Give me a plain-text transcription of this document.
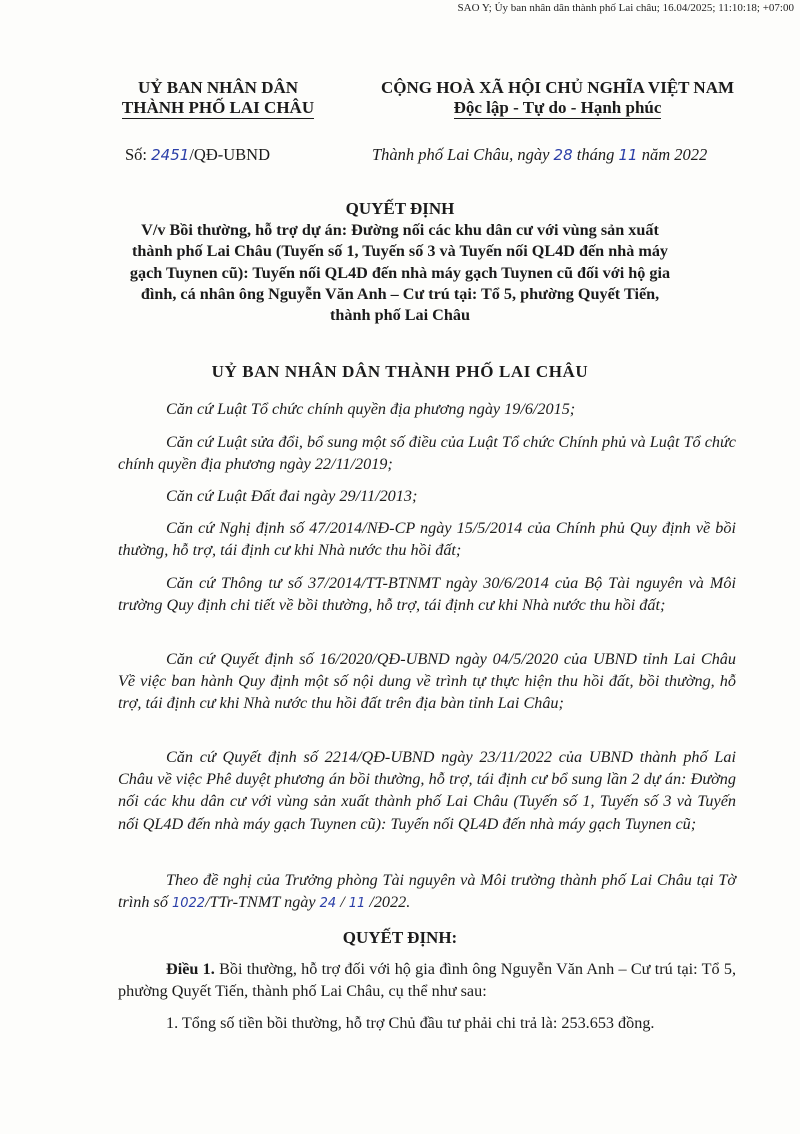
SAO Y; Ủy ban nhân dân thành phố Lai châu; 16.04/2025; 11:10:18; +07:00
UỶ BAN NHÂN DÂN
THÀNH PHỐ LAI CHÂU
CỘNG HOÀ XÃ HỘI CHỦ NGHĨA VIỆT NAM
Độc lập - Tự do - Hạnh phúc
Số: 2451/QĐ-UBND	Thành phố Lai Châu, ngày 28 tháng 11 năm 2022
QUYẾT ĐỊNH
V/v Bồi thường, hỗ trợ dự án: Đường nối các khu dân cư với vùng sản xuất thành phố Lai Châu (Tuyến số 1, Tuyến số 3 và Tuyến nối QL4D đến nhà máy gạch Tuynen cũ): Tuyến nối QL4D đến nhà máy gạch Tuynen cũ đối với hộ gia đình, cá nhân ông Nguyễn Văn Anh – Cư trú tại: Tổ 5, phường Quyết Tiến, thành phố Lai Châu
UỶ BAN NHÂN DÂN THÀNH PHỐ LAI CHÂU
Căn cứ Luật Tổ chức chính quyền địa phương ngày 19/6/2015;
Căn cứ Luật sửa đổi, bổ sung một số điều của Luật Tổ chức Chính phủ và Luật Tổ chức chính quyền địa phương ngày 22/11/2019;
Căn cứ Luật Đất đai ngày 29/11/2013;
Căn cứ Nghị định số 47/2014/NĐ-CP ngày 15/5/2014 của Chính phủ Quy định về bồi thường, hỗ trợ, tái định cư khi Nhà nước thu hồi đất;
Căn cứ Thông tư số 37/2014/TT-BTNMT ngày 30/6/2014 của Bộ Tài nguyên và Môi trường Quy định chi tiết về bồi thường, hỗ trợ, tái định cư khi Nhà nước thu hồi đất;
Căn cứ Quyết định số 16/2020/QĐ-UBND ngày 04/5/2020 của UBND tỉnh Lai Châu Về việc ban hành Quy định một số nội dung về trình tự thực hiện thu hồi đất, bồi thường, hỗ trợ, tái định cư khi Nhà nước thu hồi đất trên địa bàn tỉnh Lai Châu;
Căn cứ Quyết định số 2214/QĐ-UBND ngày 23/11/2022 của UBND thành phố Lai Châu về việc Phê duyệt phương án bồi thường, hỗ trợ, tái định cư bổ sung lần 2 dự án: Đường nối các khu dân cư với vùng sản xuất thành phố Lai Châu (Tuyến số 1, Tuyến số 3 và Tuyến nối QL4D đến nhà máy gạch Tuynen cũ): Tuyến nối QL4D đến nhà máy gạch Tuynen cũ;
Theo đề nghị của Trưởng phòng Tài nguyên và Môi trường thành phố Lai Châu tại Tờ trình số 1022/TTr-TNMT ngày 24 / 11 /2022.
QUYẾT ĐỊNH:
Điều 1. Bồi thường, hỗ trợ đối với hộ gia đình ông Nguyễn Văn Anh – Cư trú tại: Tổ 5, phường Quyết Tiến, thành phố Lai Châu, cụ thể như sau:
1. Tổng số tiền bồi thường, hỗ trợ Chủ đầu tư phải chi trả là: 253.653 đồng.
